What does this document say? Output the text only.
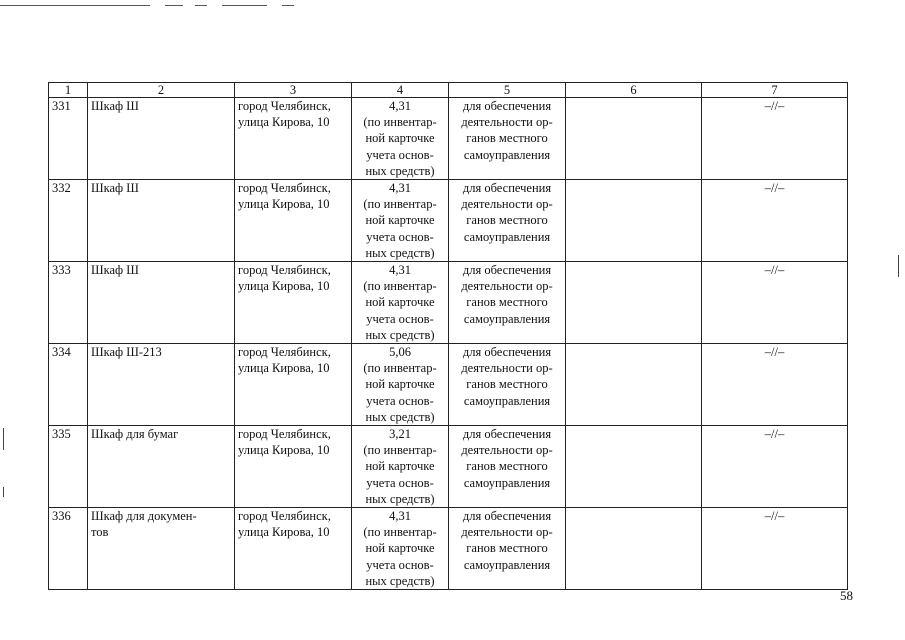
1	2	3	4	5	6	7
331	Шкаф Ш	город Челябинск,
улица Кирова, 10	4,31
(по инвентар-
ной карточке
учета основ-
ных средств)	для обеспечения
деятельности ор-
ганов местного
самоуправления		–//–
332	Шкаф Ш	город Челябинск,
улица Кирова, 10	4,31
(по инвентар-
ной карточке
учета основ-
ных средств)	для обеспечения
деятельности ор-
ганов местного
самоуправления		–//–
333	Шкаф Ш	город Челябинск,
улица Кирова, 10	4,31
(по инвентар-
ной карточке
учета основ-
ных средств)	для обеспечения
деятельности ор-
ганов местного
самоуправления		–//–
334	Шкаф Ш-213	город Челябинск,
улица Кирова, 10	5,06
(по инвентар-
ной карточке
учета основ-
ных средств)	для обеспечения
деятельности ор-
ганов местного
самоуправления		–//–
335	Шкаф для бумаг	город Челябинск,
улица Кирова, 10	3,21
(по инвентар-
ной карточке
учета основ-
ных средств)	для обеспечения
деятельности ор-
ганов местного
самоуправления		–//–
336	Шкаф для докумен-
тов	город Челябинск,
улица Кирова, 10	4,31
(по инвентар-
ной карточке
учета основ-
ных средств)	для обеспечения
деятельности ор-
ганов местного
самоуправления		–//–
58
